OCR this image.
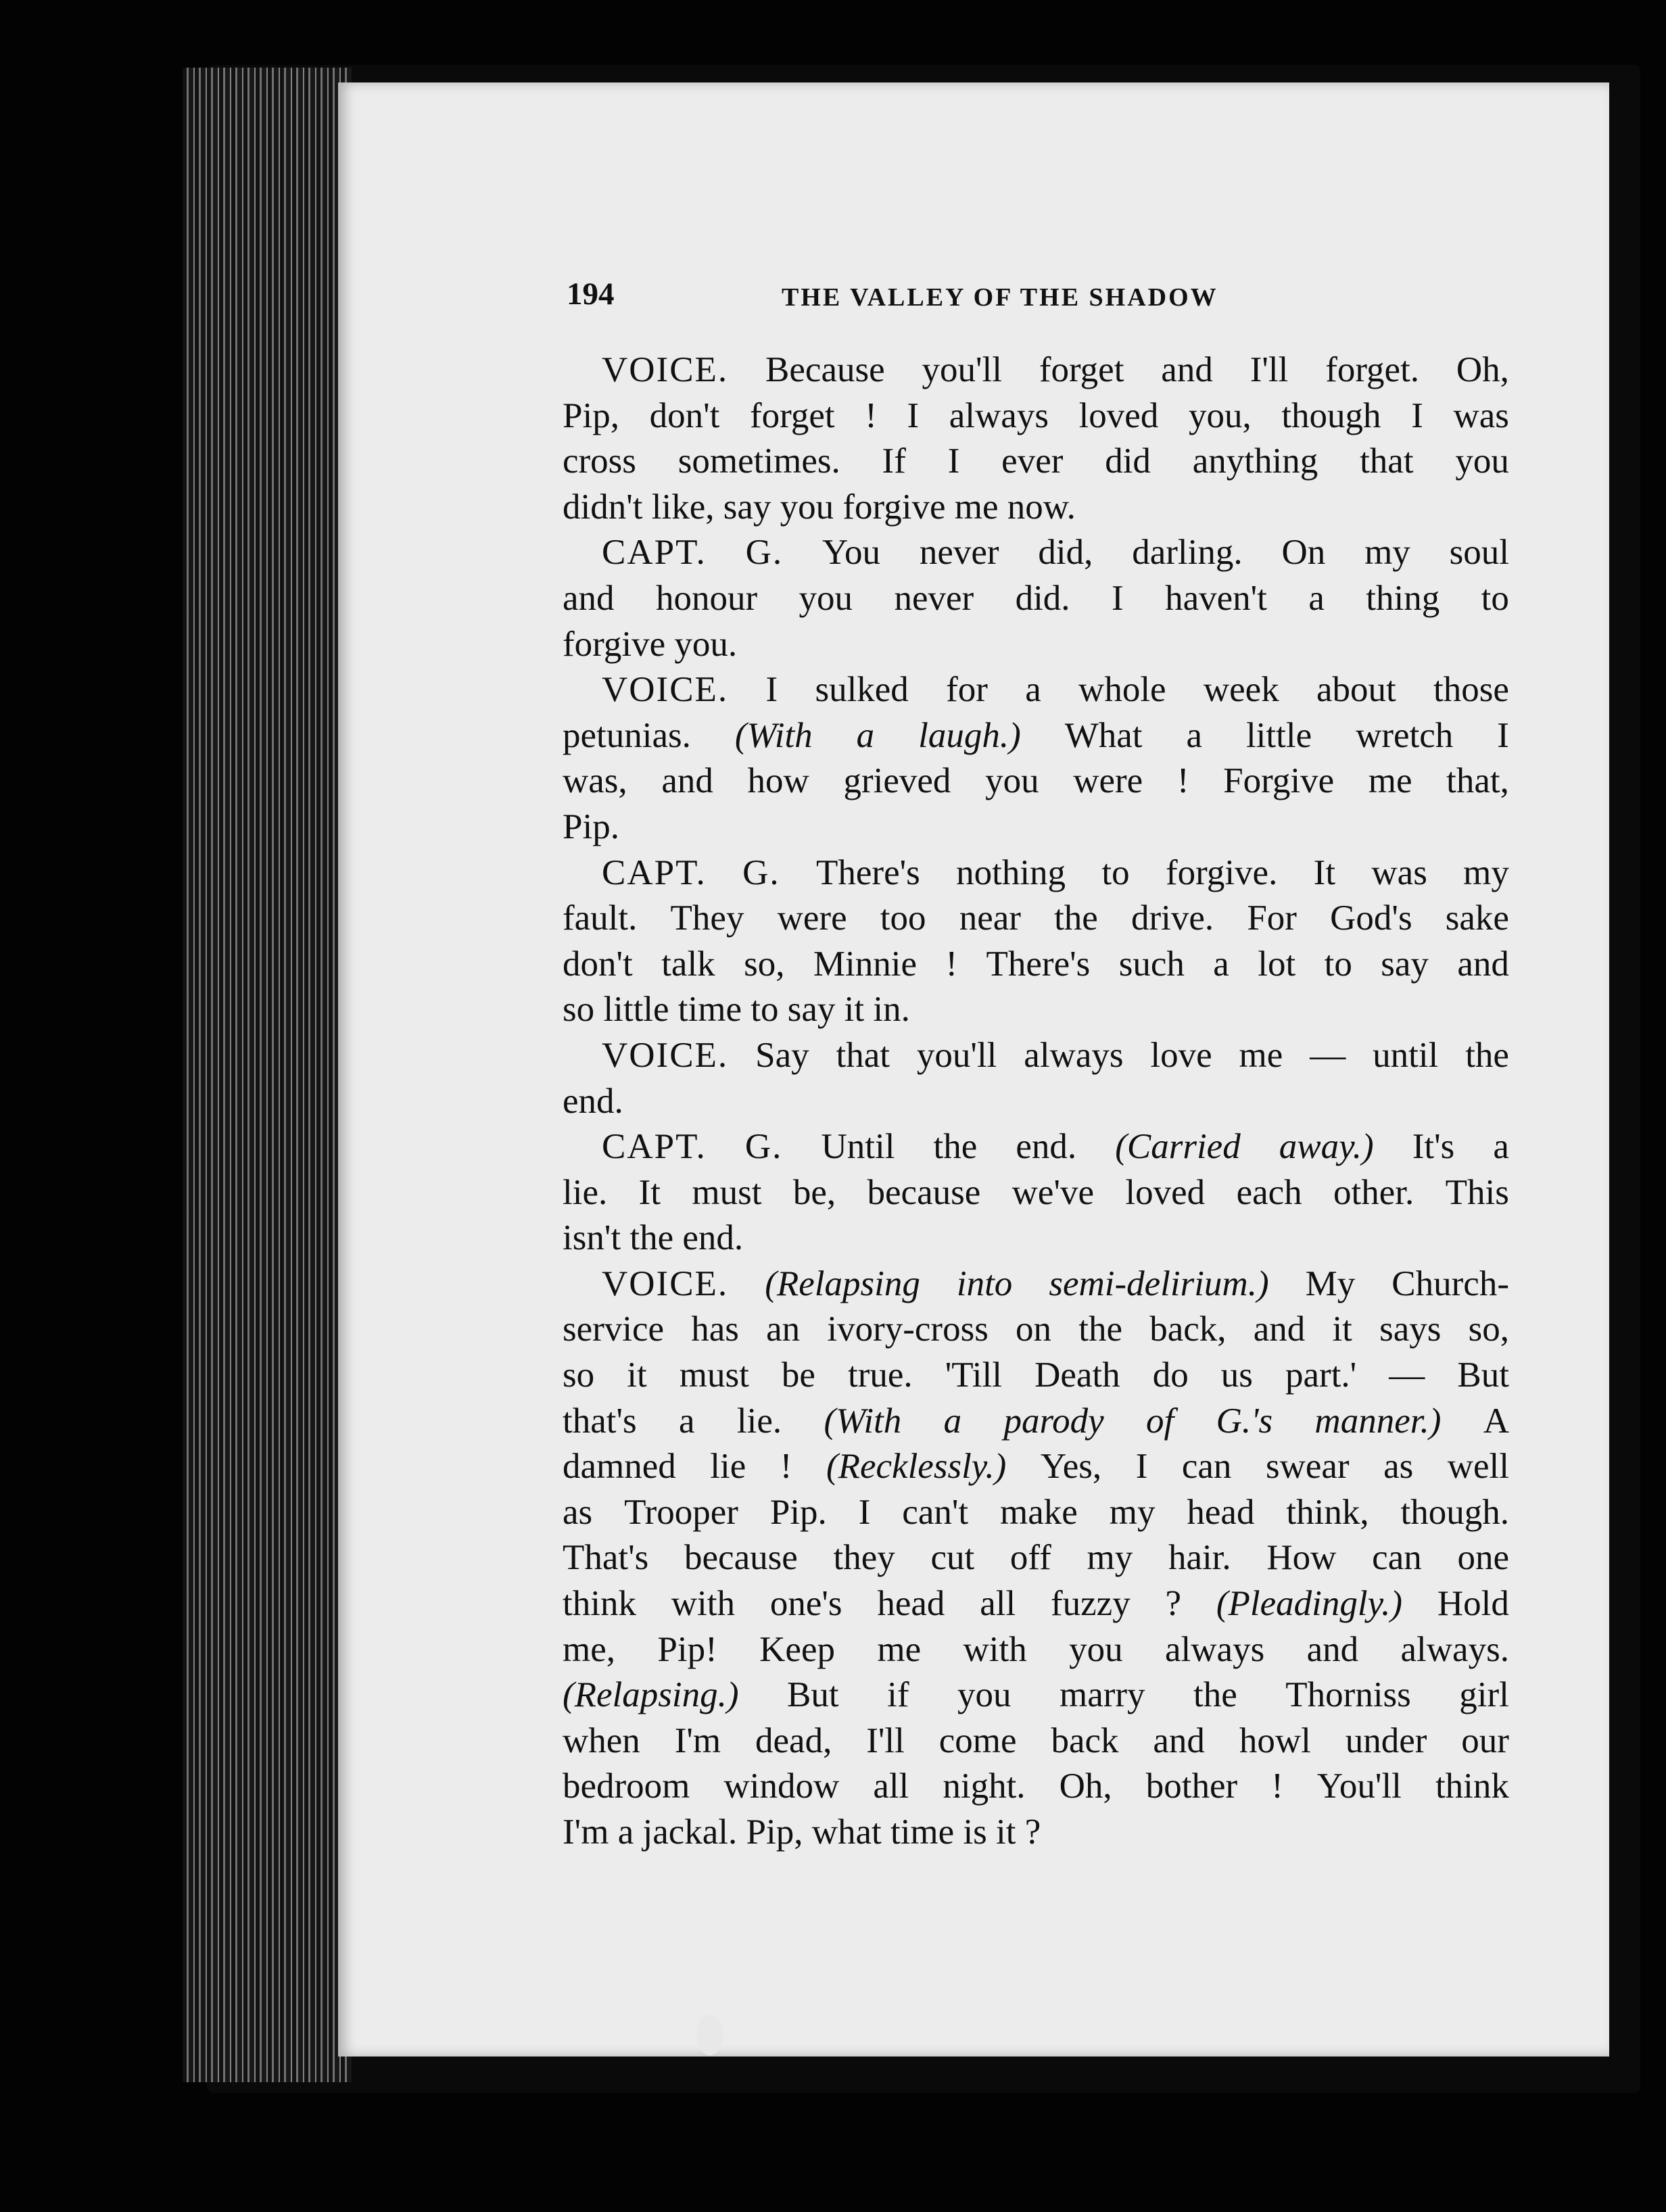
194	THE VALLEY OF THE SHADOW
VOICE. Because you'll forget and I'll forget. Oh,
Pip, don't forget ! I always loved you, though I was
cross sometimes. If I ever did anything that you
didn't like, say you forgive me now.
CAPT. G. You never did, darling. On my soul
and honour you never did. I haven't a thing to
forgive you.
VOICE. I sulked for a whole week about those
petunias. (With a laugh.) What a little wretch I
was, and how grieved you were ! Forgive me that,
Pip.
CAPT. G. There's nothing to forgive. It was my
fault. They were too near the drive. For God's sake
don't talk so, Minnie ! There's such a lot to say and
so little time to say it in.
VOICE. Say that you'll always love me — until the
end.
CAPT. G. Until the end. (Carried away.) It's a
lie. It must be, because we've loved each other. This
isn't the end.
VOICE. (Relapsing into semi-delirium.) My Church-
service has an ivory-cross on the back, and it says so,
so it must be true. 'Till Death do us part.' — But
that's a lie. (With a parody of G.'s manner.) A
damned lie ! (Recklessly.) Yes, I can swear as well
as Trooper Pip. I can't make my head think, though.
That's because they cut off my hair. How can one
think with one's head all fuzzy ? (Pleadingly.) Hold
me, Pip! Keep me with you always and always.
(Relapsing.) But if you marry the Thorniss girl
when I'm dead, I'll come back and howl under our
bedroom window all night. Oh, bother ! You'll think
I'm a jackal. Pip, what time is it ?
